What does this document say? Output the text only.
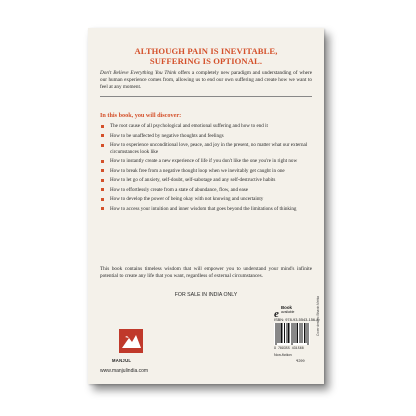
ALTHOUGH PAIN IS INEVITABLE,
SUFFERING IS OPTIONAL.
Don't Believe Everything You Think offers a completely new paradigm and understanding of where our human experience comes from, allowing us to end our own suffering and create how we want to feel at any moment.
In this book, you will discover:
The root cause of all psychological and emotional suffering and how to end it
How to be unaffected by negative thoughts and feelings
How to experience unconditional love, peace, and joy in the present, no matter what our external circumstances look like
How to instantly create a new experience of life if you don't like the one you're in right now
How to break free from a negative thought loop when we inevitably get caught in one
How to let go of anxiety, self-doubt, self-sabotage and any self-destructive habits
How to effortlessly create from a state of abundance, flow, and ease
How to develop the power of being okay with not knowing and uncertainty
How to access your intuition and inner wisdom that goes beyond the limitations of thinking
This book contains timeless wisdom that will empower you to understand your mind's infinite potential to create any life that you want, regardless of external circumstances.
FOR SALE IN INDIA ONLY
MANJUL
www.manjulindia.com
e
Book
available
ISBN: 978-93-5543-156-8
9 789355 431568
Non-fiction
₹299
Cover design: Bhavin Mehta
